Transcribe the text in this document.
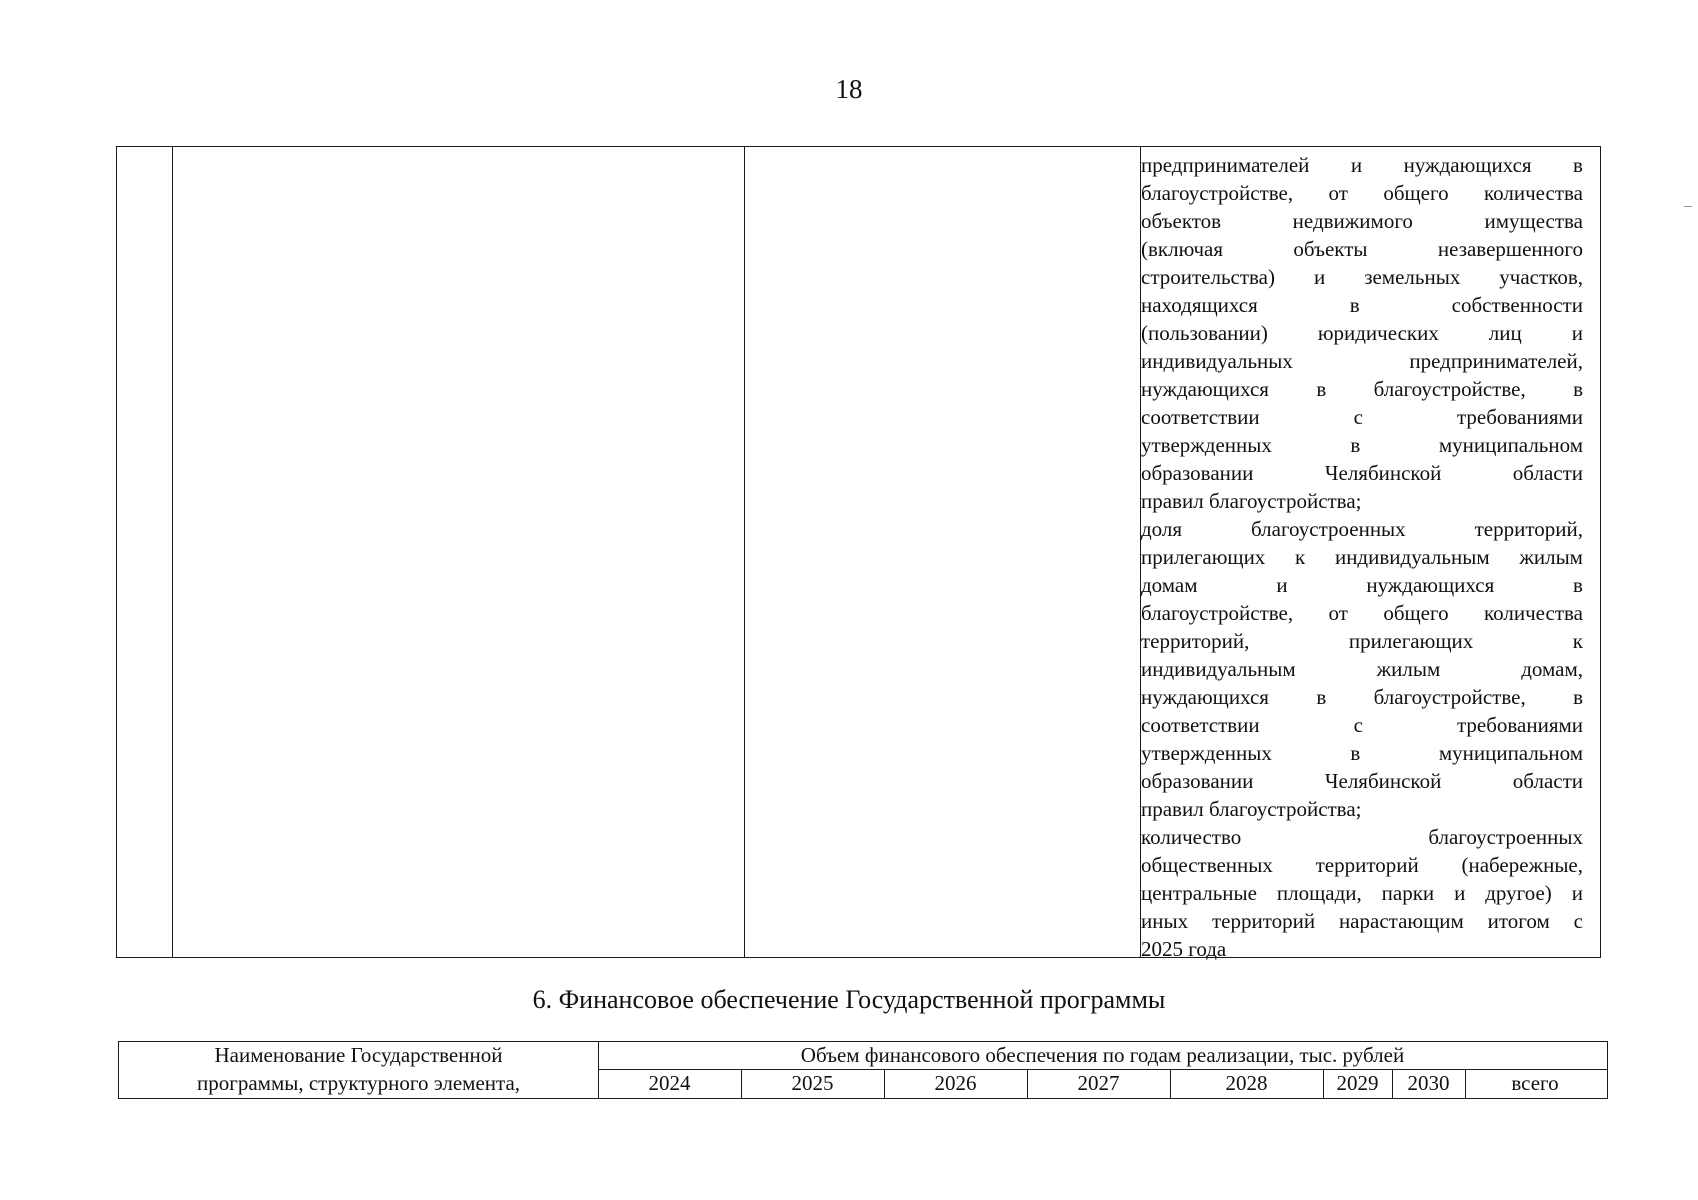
18
предпринимателей и нуждающихся в
благоустройстве, от общего количества
объектов	недвижимого	имущества
(включая	объекты	незавершенного
строительства) и земельных участков,
находящихся	в	собственности
(пользовании) юридических лиц и
индивидуальных	предпринимателей,
нуждающихся в благоустройстве, в
соответствии	с	требованиями
утвержденных	в	муниципальном
образовании	Челябинской	области
правил благоустройства;
доля	благоустроенных	территорий,
прилегающих к индивидуальным жилым
домам	и	нуждающихся	в
благоустройстве, от общего количества
территорий,	прилегающих	к
индивидуальным	жилым	домам,
нуждающихся в благоустройстве, в
соответствии	с	требованиями
утвержденных	в	муниципальном
образовании	Челябинской	области
правил благоустройства;
количество	благоустроенных
общественных территорий (набережные,
центральные площади, парки и другое) и
иных территорий нарастающим итогом с
2025 года
6. Финансовое обеспечение Государственной программы
Наименование Государственной
программы, структурного элемента,
Объем финансового обеспечения по годам реализации, тыс. рублей
2024	2025	2026	2027	2028	2029	2030	всего
